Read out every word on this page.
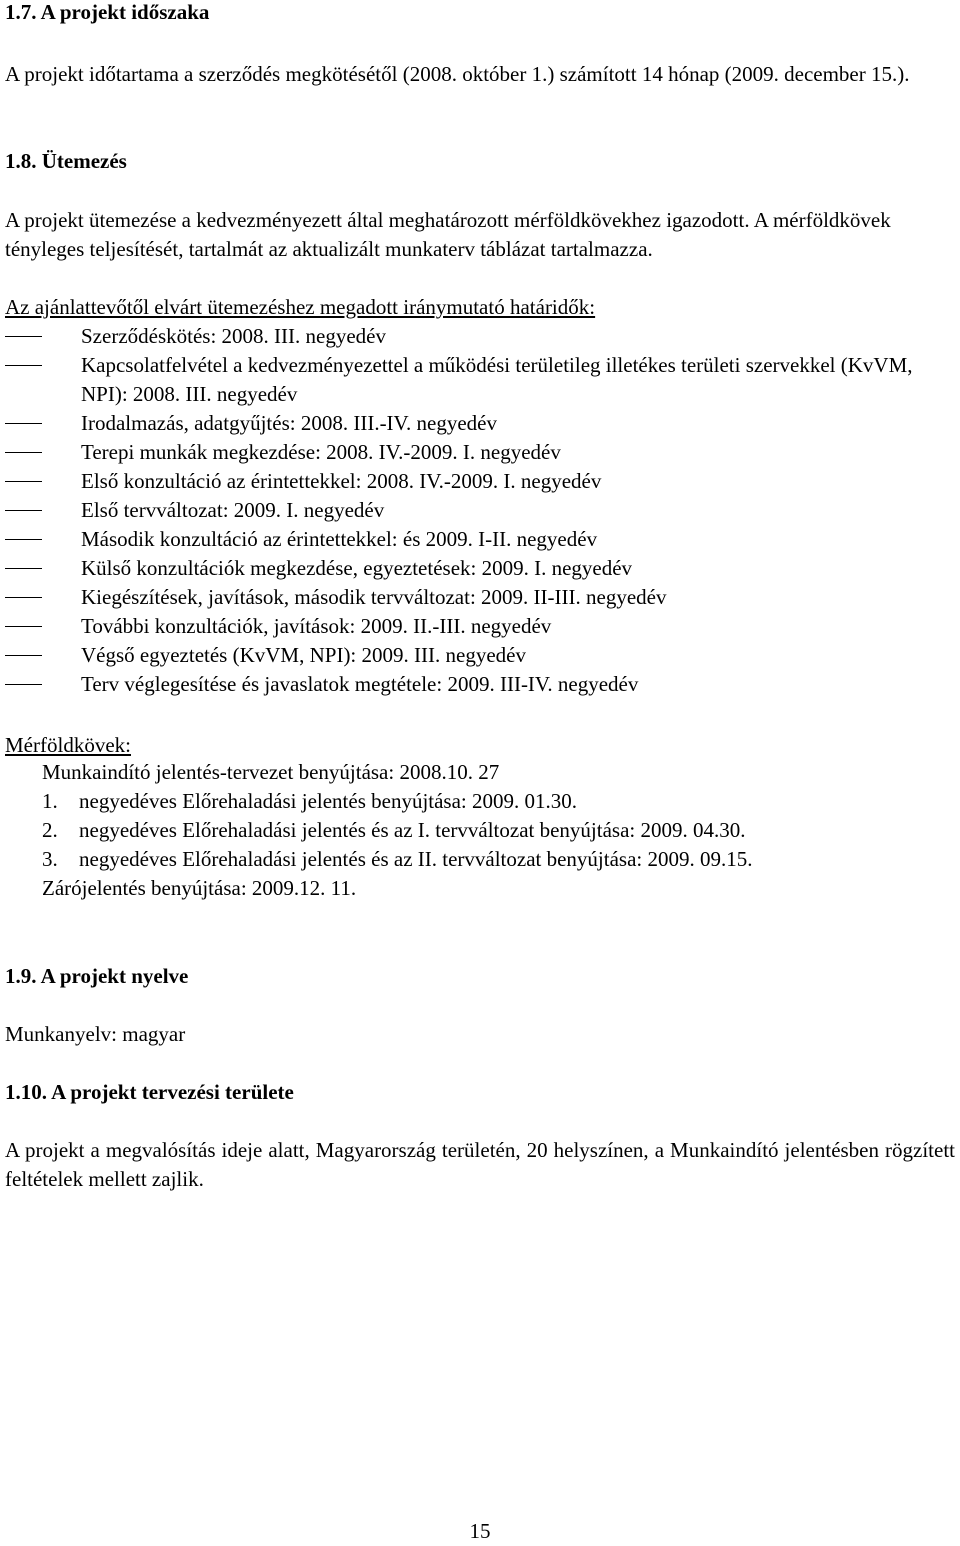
1.7. A projekt időszaka
A projekt időtartama a szerződés megkötésétől (2008. október 1.) számított 14 hónap (2009. december 15.).
1.8. Ütemezés
A projekt ütemezése a kedvezményezett által meghatározott mérföldkövekhez igazodott. A mérföldkövek tényleges teljesítését, tartalmát az aktualizált munkaterv táblázat tartalmazza.
Az ajánlattevőtől elvárt ütemezéshez megadott iránymutató határidők:
Szerződéskötés: 2008. III. negyedév
Kapcsolatfelvétel a kedvezményezettel a működési területileg illetékes területi szervekkel (KvVM, NPI): 2008. III. negyedév
Irodalmazás, adatgyűjtés: 2008. III.-IV. negyedév
Terepi munkák megkezdése: 2008. IV.-2009. I. negyedév
Első konzultáció az érintettekkel: 2008. IV.-2009. I. negyedév
Első tervváltozat: 2009. I. negyedév
Második konzultáció az érintettekkel: és 2009. I-II. negyedév
Külső konzultációk megkezdése, egyeztetések: 2009. I. negyedév
Kiegészítések, javítások, második tervváltozat: 2009. II-III. negyedév
További konzultációk, javítások: 2009. II.-III. negyedév
Végső egyeztetés (KvVM, NPI): 2009. III. negyedév
Terv véglegesítése és javaslatok megtétele: 2009. III-IV. negyedév
Mérföldkövek:
Munkaindító jelentés-tervezet benyújtása: 2008.10. 27
1. negyedéves Előrehaladási jelentés benyújtása: 2009. 01.30.
2. negyedéves Előrehaladási jelentés és az I. tervváltozat benyújtása: 2009. 04.30.
3. negyedéves Előrehaladási jelentés és az II. tervváltozat benyújtása: 2009. 09.15.
Zárójelentés benyújtása: 2009.12. 11.
1.9. A projekt nyelve
Munkanyelv: magyar
1.10. A projekt tervezési területe
A projekt a megvalósítás ideje alatt, Magyarország területén, 20 helyszínen, a Munkaindító jelentésben rögzített feltételek mellett zajlik.
15
